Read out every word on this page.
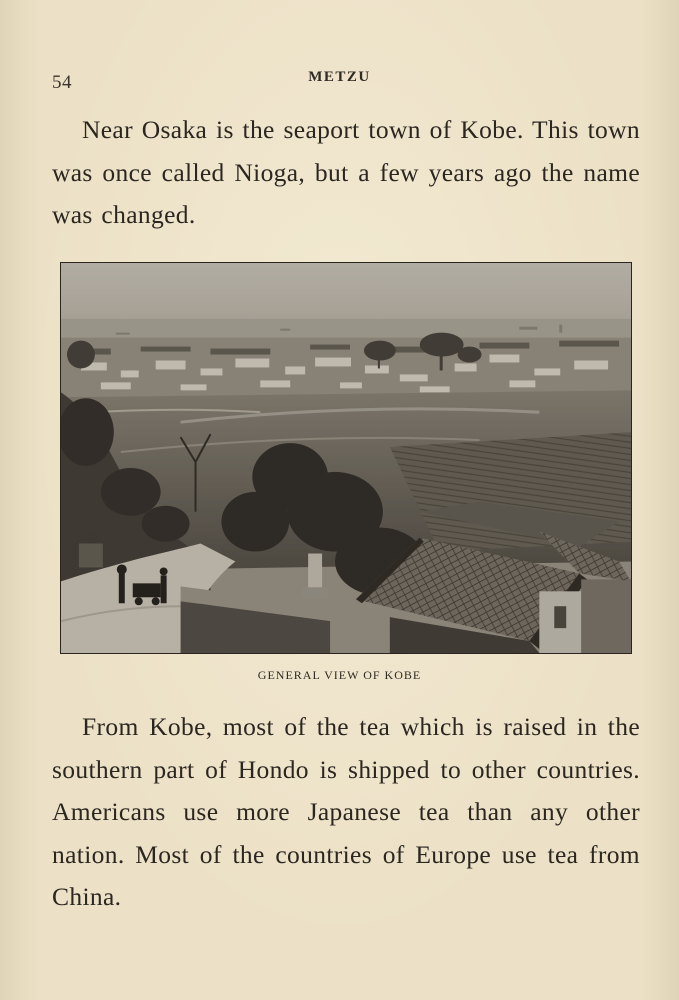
54	METZU

Near Osaka is the seaport town of Kobe. This town was once called Nioga, but a few years ago the name was changed.

GENERAL VIEW OF KOBE

From Kobe, most of the tea which is raised in the southern part of Hondo is shipped to other countries. Americans use more Japanese tea than any other nation. Most of the countries of Europe use tea from China.
